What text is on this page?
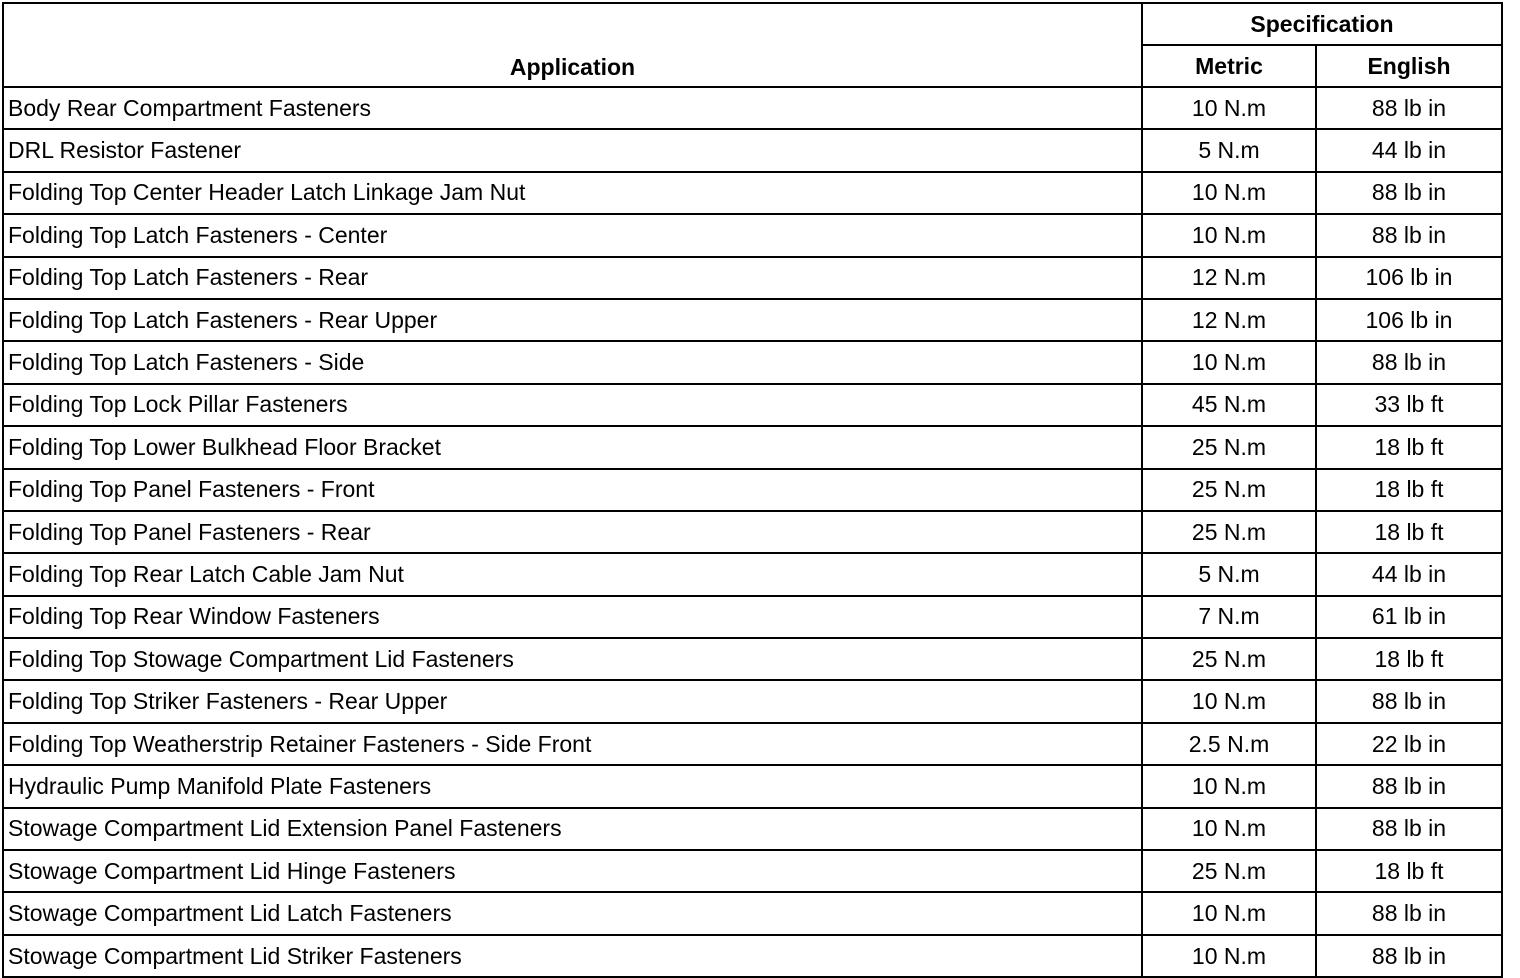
Application	Specification	
	Metric	English
Body Rear Compartment Fasteners	10 N.m	88 lb in
DRL Resistor Fastener	5 N.m	44 lb in
Folding Top Center Header Latch Linkage Jam Nut	10 N.m	88 lb in
Folding Top Latch Fasteners - Center	10 N.m	88 lb in
Folding Top Latch Fasteners - Rear	12 N.m	106 lb in
Folding Top Latch Fasteners - Rear Upper	12 N.m	106 lb in
Folding Top Latch Fasteners - Side	10 N.m	88 lb in
Folding Top Lock Pillar Fasteners	45 N.m	33 lb ft
Folding Top Lower Bulkhead Floor Bracket	25 N.m	18 lb ft
Folding Top Panel Fasteners - Front	25 N.m	18 lb ft
Folding Top Panel Fasteners - Rear	25 N.m	18 lb ft
Folding Top Rear Latch Cable Jam Nut	5 N.m	44 lb in
Folding Top Rear Window Fasteners	7 N.m	61 lb in
Folding Top Stowage Compartment Lid Fasteners	25 N.m	18 lb ft
Folding Top Striker Fasteners - Rear Upper	10 N.m	88 lb in
Folding Top Weatherstrip Retainer Fasteners - Side Front	2.5 N.m	22 lb in
Hydraulic Pump Manifold Plate Fasteners	10 N.m	88 lb in
Stowage Compartment Lid Extension Panel Fasteners	10 N.m	88 lb in
Stowage Compartment Lid Hinge Fasteners	25 N.m	18 lb ft
Stowage Compartment Lid Latch Fasteners	10 N.m	88 lb in
Stowage Compartment Lid Striker Fasteners	10 N.m	88 lb in
